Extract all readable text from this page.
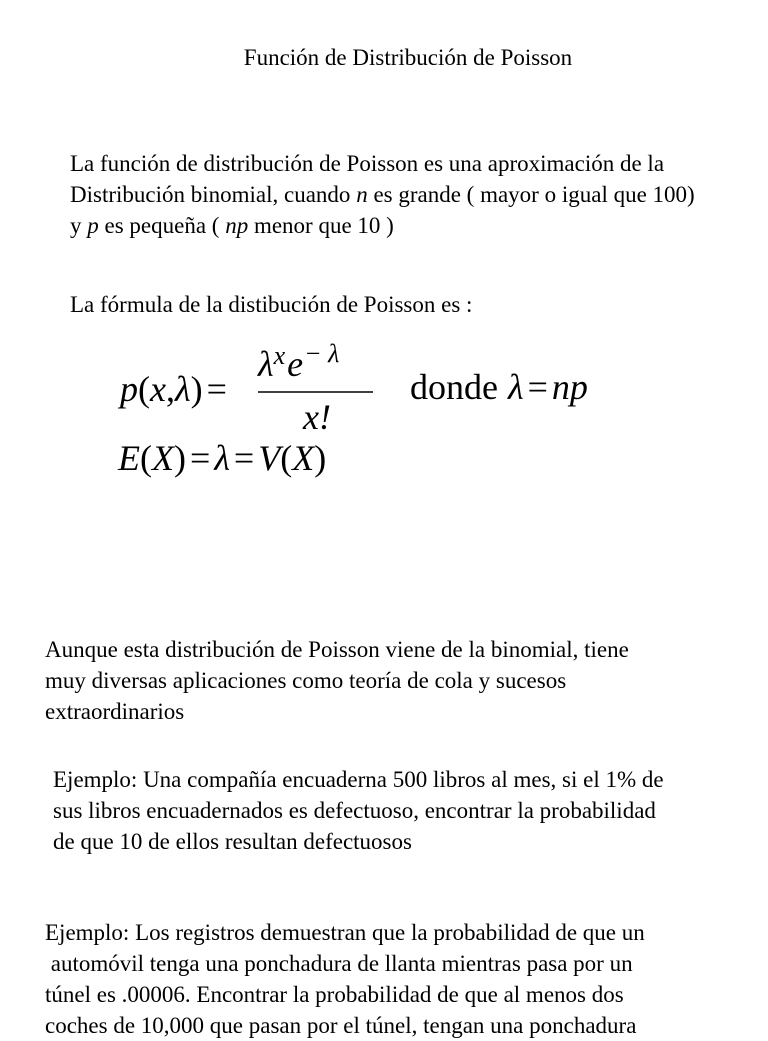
Función de Distribución de Poisson
La función de distribución de Poisson es una aproximación de la
Distribución binomial, cuando n es grande ( mayor o igual que 100)
y p es pequeña ( np menor que 10 )
La fórmula de la distibución de Poisson es :
p(x,λ) =
$\lambda^xe^{- \lambda}$
x!
donde λ = np
E(X) = λ = V(X)
Aunque esta distribución de Poisson viene de la binomial, tiene
muy diversas aplicaciones como teoría de cola y sucesos
extraordinarios
Ejemplo: Una compañía encuaderna 500 libros al mes, si el 1% de
sus libros encuadernados es defectuoso, encontrar la probabilidad
de que 10 de ellos resultan defectuosos
Ejemplo: Los registros demuestran que la probabilidad de que un
automóvil tenga una ponchadura de llanta mientras pasa por un
túnel es .00006. Encontrar la probabilidad de que al menos dos
coches de 10,000 que pasan por el túnel, tengan una ponchadura
